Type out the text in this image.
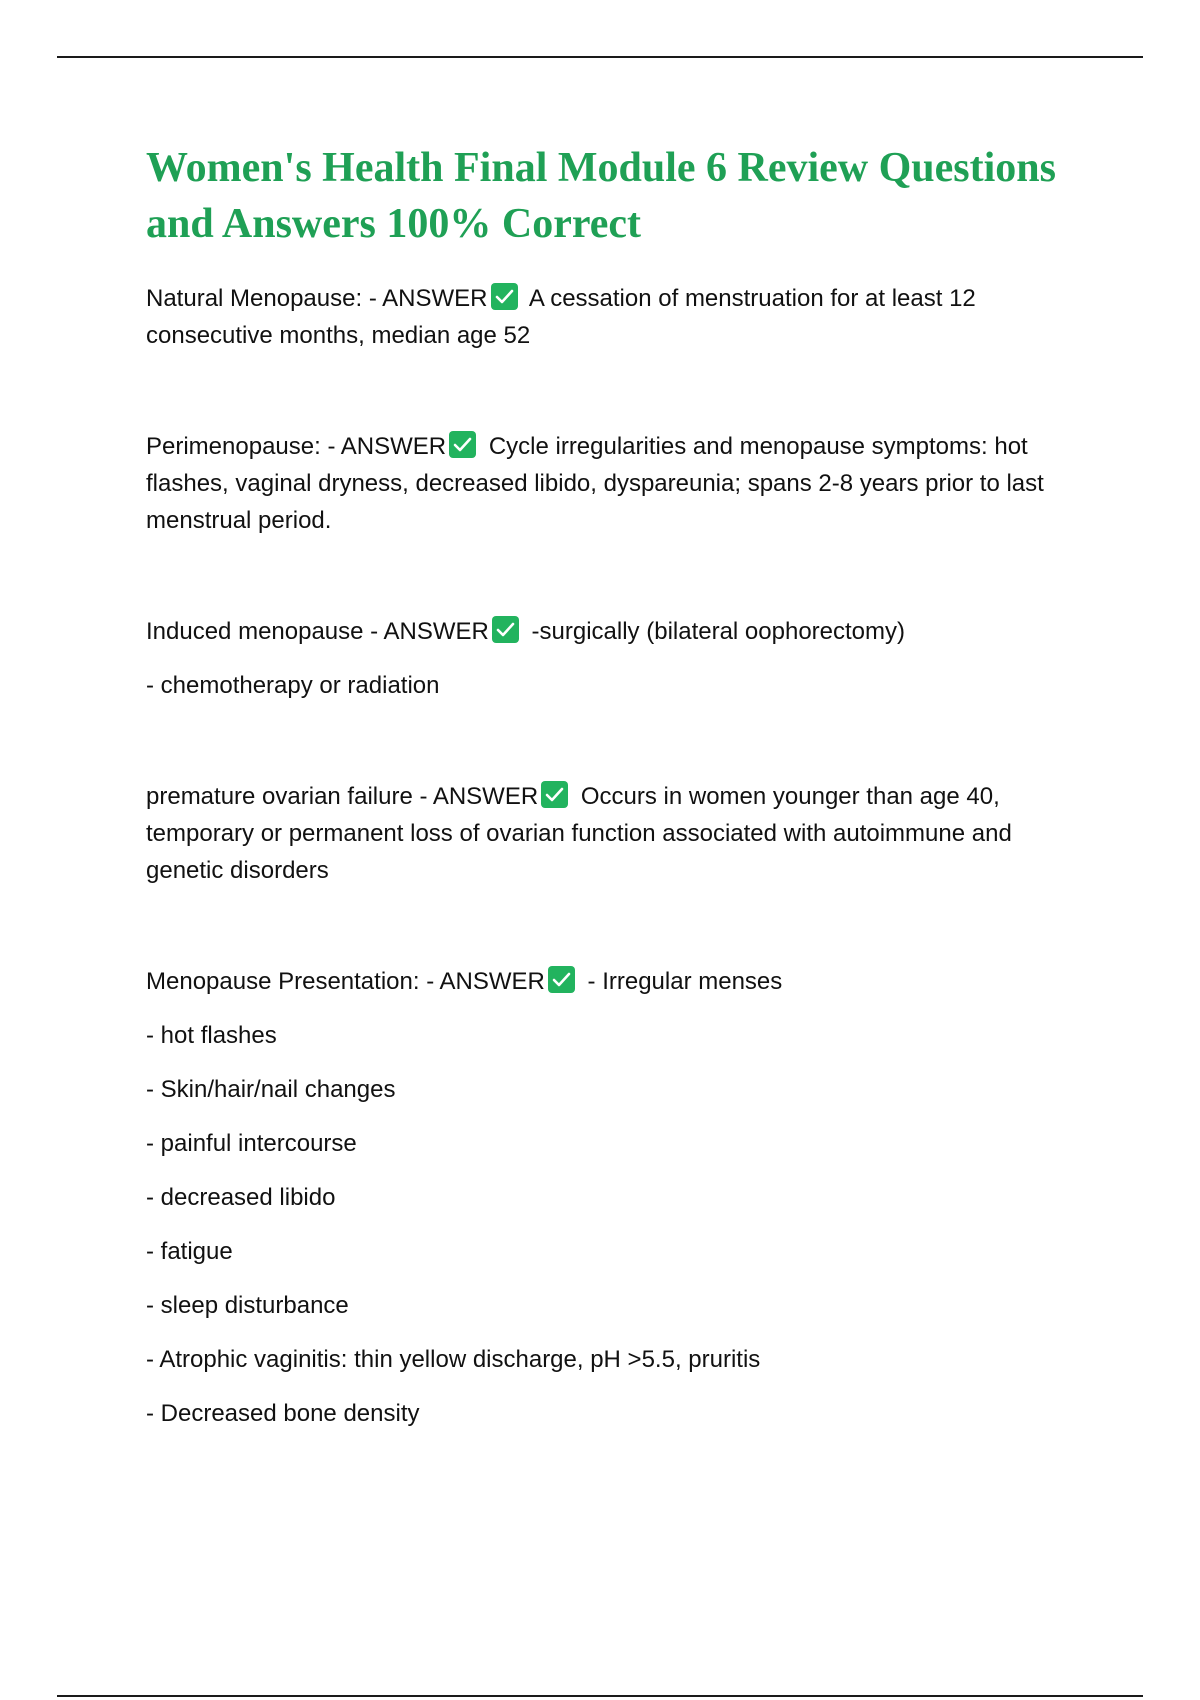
Women's Health Final Module 6 Review Questions and Answers 100% Correct

Natural Menopause: - ANSWER A cessation of menstruation for at least 12 consecutive months, median age 52

Perimenopause: - ANSWER Cycle irregularities and menopause symptoms: hot flashes, vaginal dryness, decreased libido, dyspareunia; spans 2-8 years prior to last menstrual period.

Induced menopause - ANSWER -surgically (bilateral oophorectomy)

- chemotherapy or radiation

premature ovarian failure - ANSWER Occurs in women younger than age 40, temporary or permanent loss of ovarian function associated with autoimmune and genetic disorders

Menopause Presentation: - ANSWER - Irregular menses

- hot flashes

- Skin/hair/nail changes

- painful intercourse

- decreased libido

- fatigue

- sleep disturbance

- Atrophic vaginitis: thin yellow discharge, pH >5.5, pruritis

- Decreased bone density
